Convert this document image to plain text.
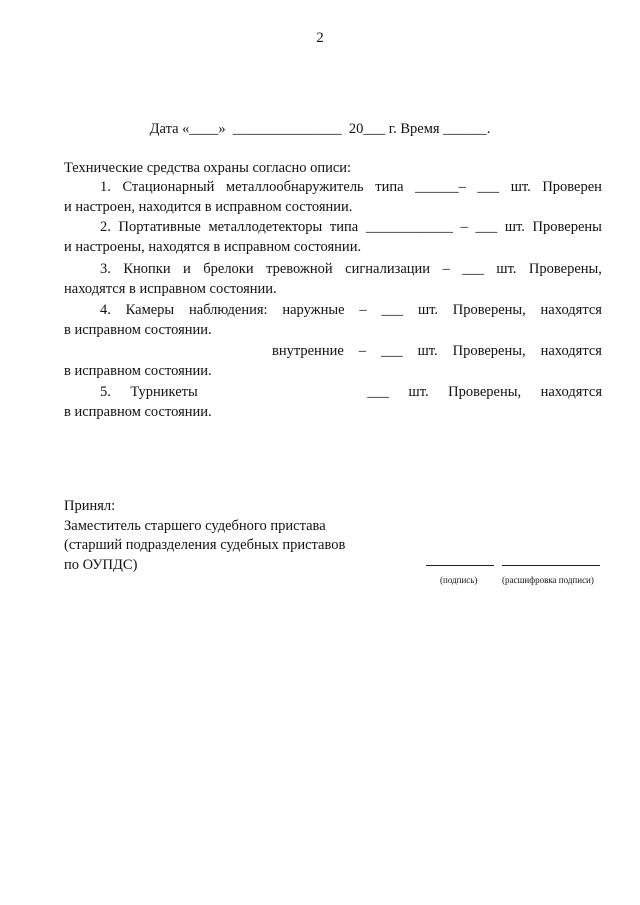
2
Дата «____»  _______________  20___ г. Время ______.
Технические средства охраны согласно описи:
1. Стационарный металлообнаружитель типа ______– ___ шт. Проверен
и настроен, находится в исправном состоянии.
2. Портативные металлодетекторы типа ____________ – ___ шт. Проверены
и настроены, находятся в исправном состоянии.
3. Кнопки и брелоки тревожной сигнализации – ___ шт. Проверены,
находятся в исправном состоянии.
4. Камеры наблюдения: наружные – ___ шт. Проверены, находятся
в исправном состоянии.
внутренние – ___ шт. Проверены, находятся
в исправном состоянии.
5. Турникеты	___ шт. Проверены, находятся
в исправном состоянии.
Принял:
Заместитель старшего судебного пристава
(старший подразделения судебных приставов
по ОУПДС)
(подпись)	(расшифровка подписи)
